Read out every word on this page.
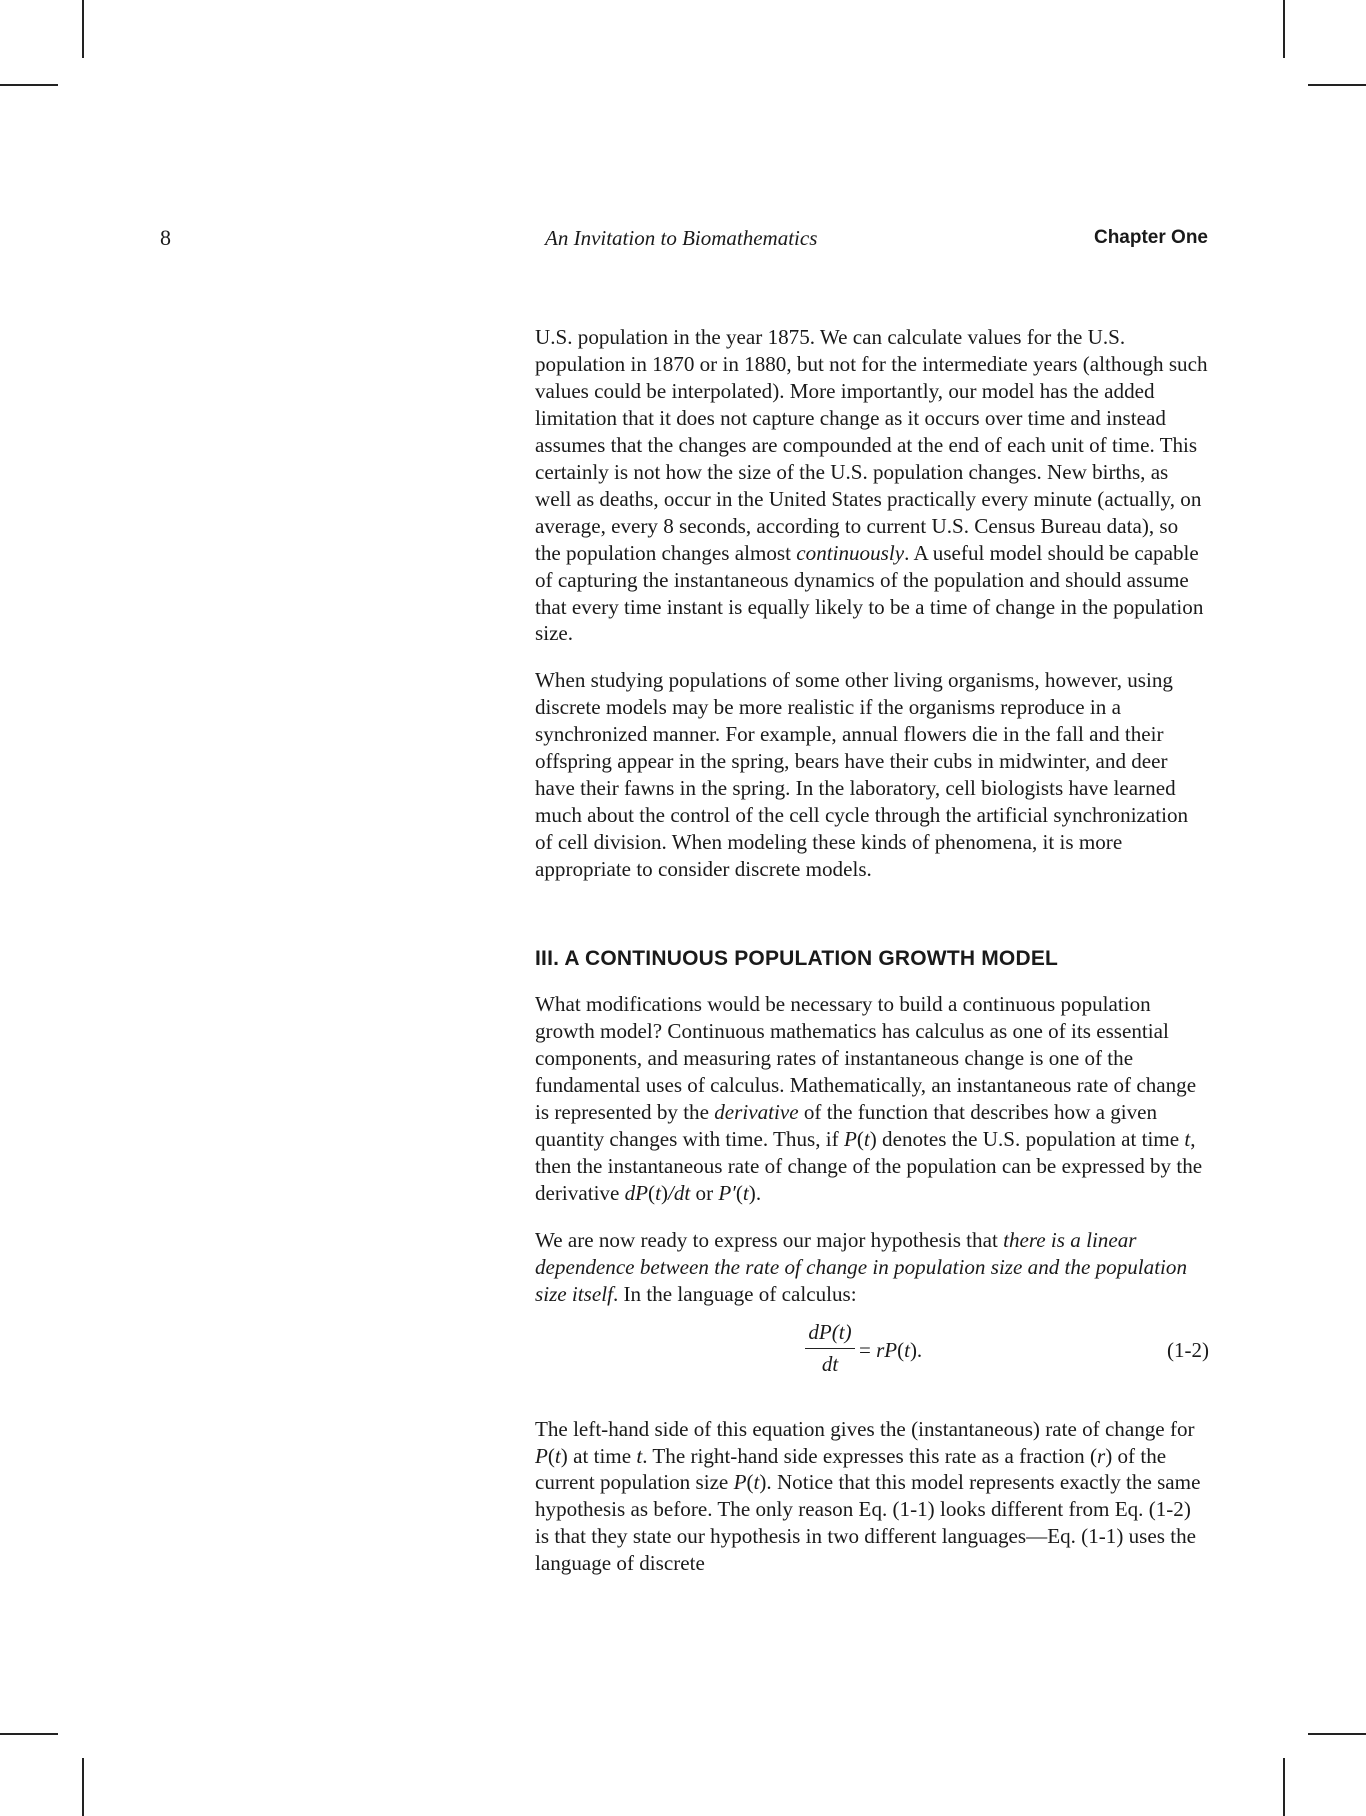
8	An Invitation to Biomathematics	Chapter One

U.S. population in the year 1875. We can calculate values for the U.S. population in 1870 or in 1880, but not for the intermediate years (although such values could be interpolated). More importantly, our model has the added limitation that it does not capture change as it occurs over time and instead assumes that the changes are compounded at the end of each unit of time. This certainly is not how the size of the U.S. population changes. New births, as well as deaths, occur in the United States practically every minute (actually, on average, every 8 seconds, according to current U.S. Census Bureau data), so the population changes almost continuously. A useful model should be capable of capturing the instantaneous dynamics of the population and should assume that every time instant is equally likely to be a time of change in the population size.

When studying populations of some other living organisms, however, using discrete models may be more realistic if the organisms reproduce in a synchronized manner. For example, annual flowers die in the fall and their offspring appear in the spring, bears have their cubs in midwinter, and deer have their fawns in the spring. In the laboratory, cell biologists have learned much about the control of the cell cycle through the artificial synchronization of cell division. When modeling these kinds of phenomena, it is more appropriate to consider discrete models.

III. A CONTINUOUS POPULATION GROWTH MODEL

What modifications would be necessary to build a continuous population growth model? Continuous mathematics has calculus as one of its essential components, and measuring rates of instantaneous change is one of the fundamental uses of calculus. Mathematically, an instantaneous rate of change is represented by the derivative of the function that describes how a given quantity changes with time. Thus, if P(t) denotes the U.S. population at time t, then the instantaneous rate of change of the population can be expressed by the derivative dP(t)/dt or P′(t).

We are now ready to express our major hypothesis that there is a linear dependence between the rate of change in population size and the population size itself. In the language of calculus:

dP(t)
dt
= rP(t).	(1-2)

The left-hand side of this equation gives the (instantaneous) rate of change for P(t) at time t. The right-hand side expresses this rate as a fraction (r) of the current population size P(t). Notice that this model represents exactly the same hypothesis as before. The only reason Eq. (1-1) looks different from Eq. (1-2) is that they state our hypothesis in two different languages—Eq. (1-1) uses the language of discrete
